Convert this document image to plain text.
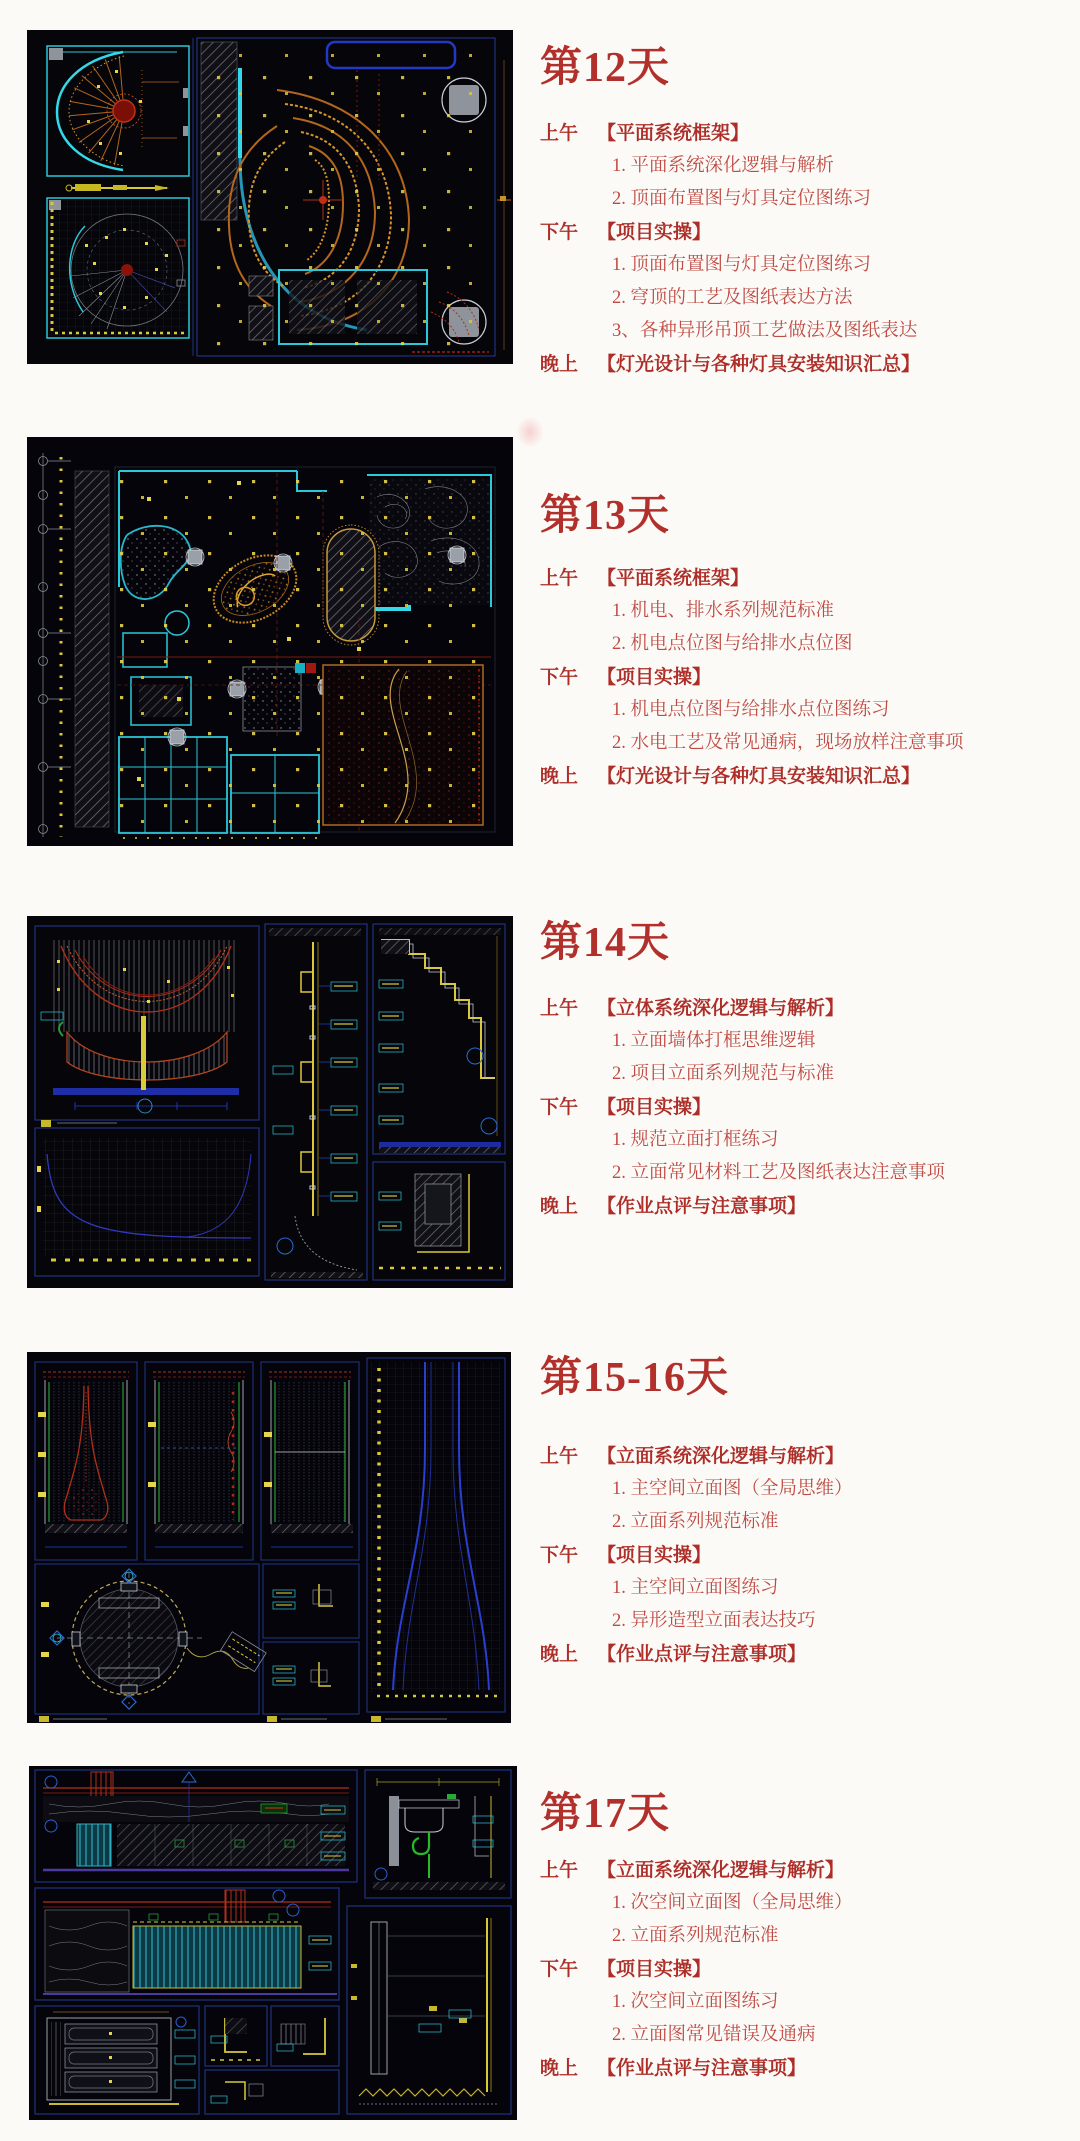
第12天
上午 【平面系统框架】
1. 平面系统深化逻辑与解析
2. 顶面布置图与灯具定位图练习
下午 【项目实操】
1. 顶面布置图与灯具定位图练习
2. 穹顶的工艺及图纸表达方法
3、各种异形吊顶工艺做法及图纸表达
晚上 【灯光设计与各种灯具安装知识汇总】
第13天
上午 【平面系统框架】
1. 机电、排水系列规范标准
2. 机电点位图与给排水点位图
下午 【项目实操】
1. 机电点位图与给排水点位图练习
2. 水电工艺及常见通病，现场放样注意事项
晚上 【灯光设计与各种灯具安装知识汇总】
第14天
上午 【立体系统深化逻辑与解析】
1. 立面墙体打框思维逻辑
2. 项目立面系列规范与标准
下午 【项目实操】
1. 规范立面打框练习
2. 立面常见材料工艺及图纸表达注意事项
晚上 【作业点评与注意事项】
第15-16天
上午 【立面系统深化逻辑与解析】
1. 主空间立面图（全局思维）
2. 立面系列规范标准
下午 【项目实操】
1. 主空间立面图练习
2. 异形造型立面表达技巧
晚上 【作业点评与注意事项】
第17天
上午 【立面系统深化逻辑与解析】
1. 次空间立面图（全局思维）
2. 立面系列规范标准
下午 【项目实操】
1. 次空间立面图练习
2. 立面图常见错误及通病
晚上 【作业点评与注意事项】
